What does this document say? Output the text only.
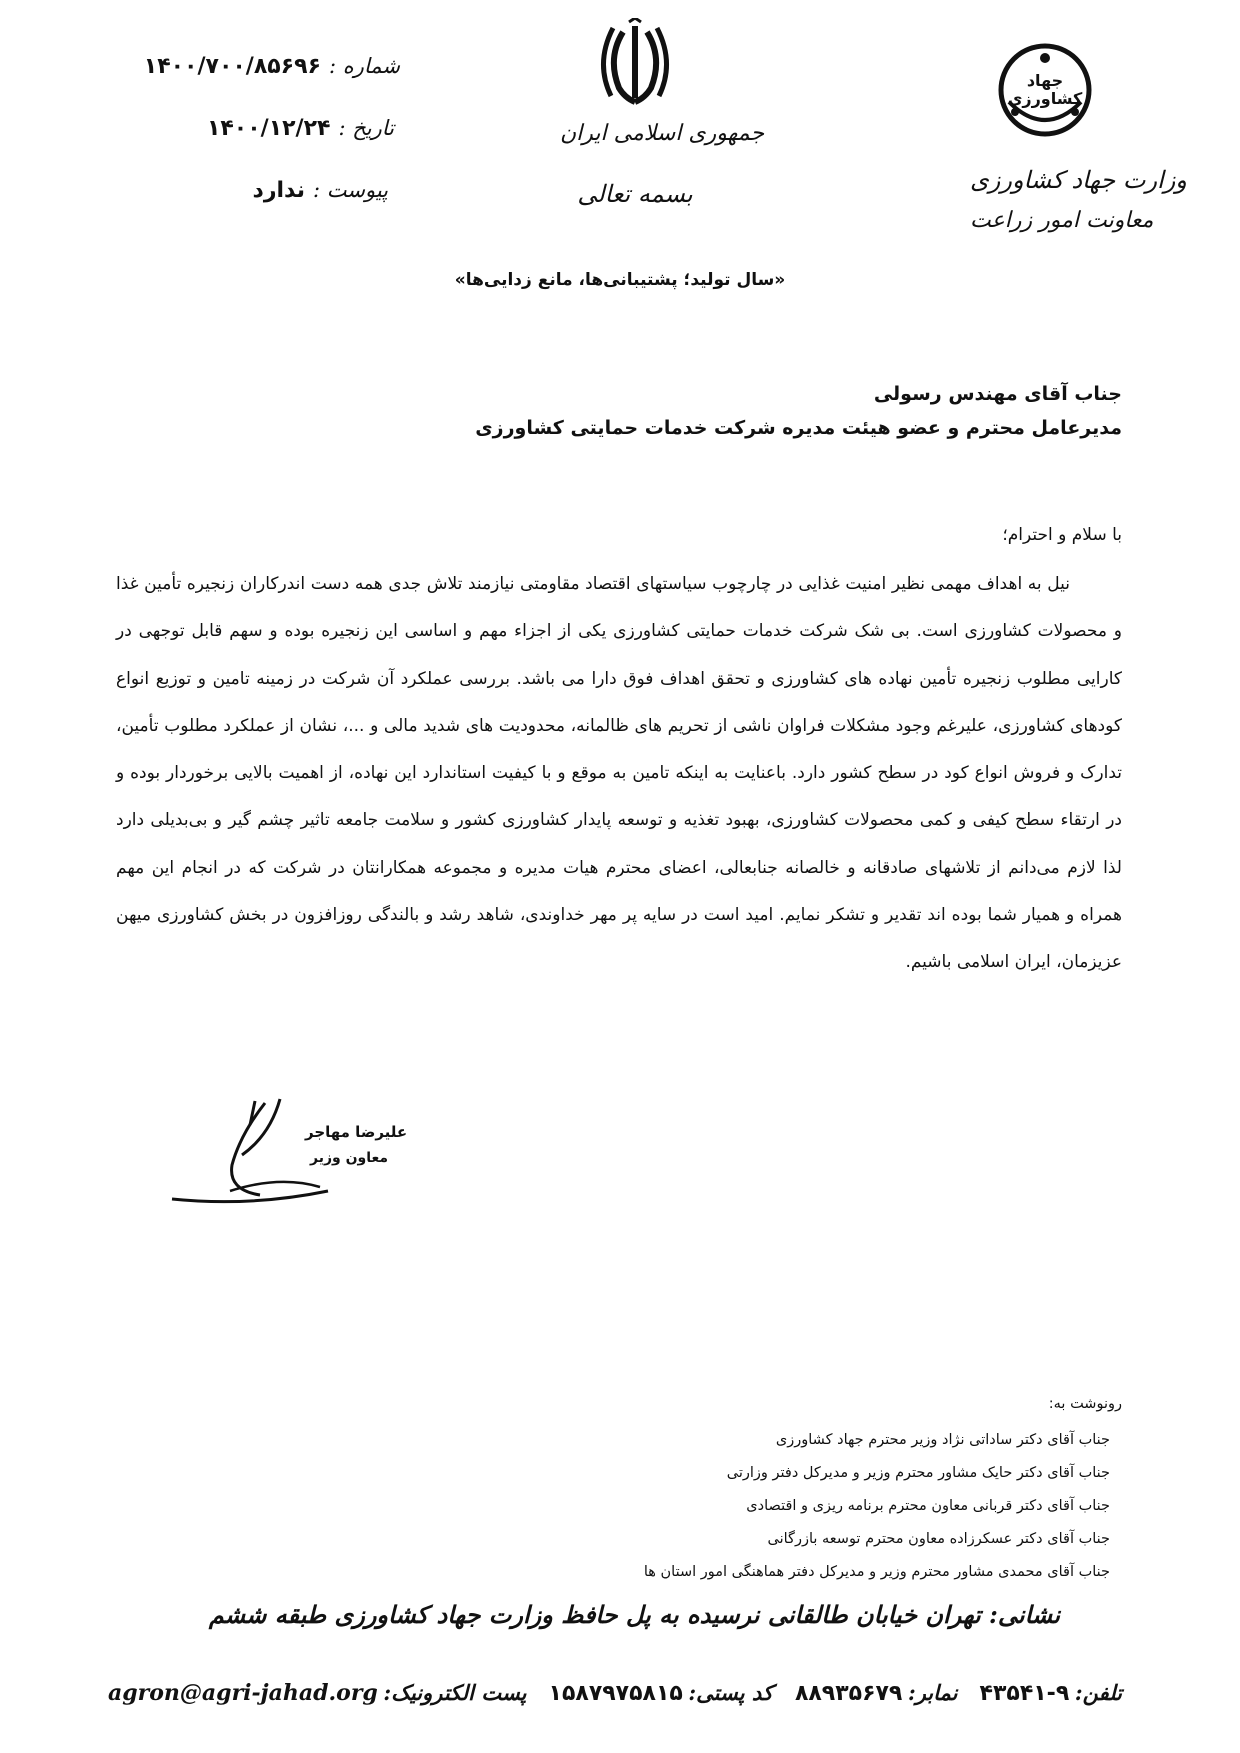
جهاد کشاورزی
وزارت جهاد کشاورزی
معاونت امور زراعت
جمهوری اسلامی ایران
بسمه تعالی
شماره :
۱۴۰۰/۷۰۰/۸۵۶۹۶
تاریخ :
۱۴۰۰/۱۲/۲۴
پیوست :
ندارد
«سال تولید؛ پشتیبانی‌ها، مانع زدایی‌ها»
جناب آقای مهندس رسولی
مدیرعامل محترم و عضو هیئت مدیره شرکت خدمات حمایتی کشاورزی
با سلام و احترام؛
نیل به اهداف مهمی نظیر امنیت غذایی در چارچوب سیاستهای اقتصاد مقاومتی نیازمند تلاش جدی همه دست اندرکاران زنجیره تأمین غذا و محصولات کشاورزی است. بی شک شرکت خدمات حمایتی کشاورزی یکی از اجزاء مهم و اساسی این زنجیره بوده و سهم قابل توجهی در کارایی مطلوب زنجیره تأمین نهاده های کشاورزی و تحقق اهداف فوق دارا می باشد. بررسی عملکرد آن شرکت در زمینه تامین و توزیع انواع کودهای کشاورزی، علیرغم وجود مشکلات فراوان ناشی از تحریم های ظالمانه، محدودیت های شدید مالی و ...، نشان از عملکرد مطلوب تأمین، تدارک و فروش انواع کود در سطح کشور دارد. باعنایت به اینکه تامین به موقع و با کیفیت استاندارد این نهاده، از اهمیت بالایی برخوردار بوده و در ارتقاء سطح کیفی و کمی محصولات کشاورزی، بهبود تغذیه و توسعه پایدار کشاورزی کشور و سلامت جامعه تاثیر چشم گیر و بی‌بدیلی دارد لذا لازم می‌دانم از تلاشهای صادقانه و خالصانه جنابعالی، اعضای محترم هیات مدیره و مجموعه همکارانتان در شرکت که در انجام این مهم همراه و همیار شما بوده اند تقدیر و تشکر نمایم. امید است در سایه پر مهر خداوندی، شاهد رشد و بالندگی روزافزون در بخش کشاورزی میهن عزیزمان، ایران اسلامی باشیم.
علیرضا مهاجر
معاون وزیر
رونوشت به:
جناب آقای دکتر ساداتی نژاد وزیر محترم جهاد کشاورزی
جناب آقای دکتر حایک مشاور محترم وزیر و مدیرکل دفتر وزارتی
جناب آقای دکتر قربانی معاون محترم برنامه ریزی و اقتصادی
جناب آقای دکتر عسکرزاده معاون محترم توسعه بازرگانی
جناب آقای محمدی مشاور محترم وزیر و مدیرکل دفتر هماهنگی امور استان ها
نشانی: تهران خیابان طالقانی نرسیده به پل حافظ وزارت جهاد کشاورزی طبقه ششم
تلفن: ۹-۴۳۵۴۱
نمابر: ۸۸۹۳۵۶۷۹
کد پستی: ۱۵۸۷۹۷۵۸۱۵
پست الکترونیک: agron@agri-jahad.org
